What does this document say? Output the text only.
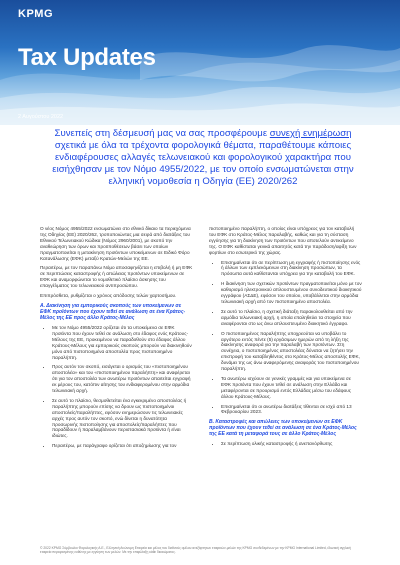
KPMG
Tax Updates
2 Αυγούστου 2022
Συνεπείς στη δέσμευσή μας να σας προσφέρουμε συνεχή ενημέρωση σχετικά με όλα τα τρέχοντα φορολογικά θέματα, παραθέτουμε κάποιες ενδιαφέρουσες αλλαγές τελωνειακού και φορολογικού χαρακτήρα που εισήχθησαν με τον Νόμο 4955/2022, με τον οποίο ενσωματώνεται στην ελληνική νομοθεσία η Οδηγία (ΕΕ) 2020/262

Ο νέος Νόμος 4955/2022 ενσωματώνει στο εθνικό δίκαιο τα περιεχόμενα της Οδηγίας (ΕΕ) 2020/262, τροποποιώντας μια σειρά από διατάξεις του Εθνικού Τελωνειακού Κώδικα (Νόμος 2960/2001), με σκοπό την αναθεώρηση των όρων και προϋποθέσεων βάσει των οποίων πραγματοποιείται η μετακίνηση προϊόντων υποκείμενων σε Ειδικό Φόρο Κατανάλωσης (ΕΦΚ) μεταξύ Κρατών-Μελών της ΕΕ.

Περαιτέρω, με τον παραπάνω Νόμο αποσαφηνίζεται η επιβολή ή μη ΕΦΚ σε περιπτώσεις καταστροφής ή απώλειας προϊόντων υποκείμενων σε ΕΦΚ και αναμορφώνεται το νομοθετικό πλαίσιο άσκησης του επαγγέλματος του τελωνειακού αντιπροσώπου.

Επιπρόσθετα, ρυθμίζεται ο χρόνος απόδοσης τελών χαρτοσήμου.

Α. Διακίνηση για εμπορικούς σκοπούς των υποκείμενων σε ΕΦΚ προϊόντων που έχουν τεθεί σε ανάλωση σε ένα Κράτος-Μέλος της ΕΕ προς άλλο Κράτος-Μέλος
• Με τον Νόμο 4955/2022 ορίζεται ότι τα υποκείμενα σε ΕΦΚ προϊόντα που έχουν τεθεί σε ανάλωση στο έδαφος ενός Κράτους-Μέλους της ΕΕ, προκειμένου να παραδοθούν στο έδαφος άλλου Κράτους-Μέλους για εμπορικούς σκοπούς μπορούν να διακινηθούν μόνο από πιστοποιημένα αποστολέα προς πιστοποιημένο παραλήπτη.
• Προς αυτόν τον σκοπό, εισάγεται ο ορισμός του «πιστοποιημένου αποστολέα» και του «πιστοποιημένου παραλήπτη» και αναφέρεται ότι για τον αποστολέα των ανωτέρω προϊόντων απαιτείται εγγραφή εκ μέρους του, κατόπιν αίτησης του ενδιαφερομένου στην αρμόδια τελωνειακή αρχή.
• Σε αυτό το πλαίσιο, θεσμοθετείται ένα εγκεκριμένο αποστολέας ή παραλήπτης μπορούν επίσης να δρουν ως πιστοποιημένοι αποστολείς/παραλήπτες, εφόσον ενημερώσουν τις τελωνειακές αρχές προς αυτόν τον σκοπό, ενώ δίνεται η δυνατότητα προσωρινής πιστοποίησης για αποστολείς/παραλήπτες που παραδίδουν ή παραλαμβάνουν περιστασιακά προϊόντα ή είναι ιδιώτες.
• Περαιτέρω, με παράγραφο ορίζεται ότι αποζημίωσης για τον

πιστοποιημένο παραλήπτη, ο οποίος είναι υπόχρεος για τον καταβολή του ΕΦΚ στο Κράτος-Μέλος παραλαβής, καθώς και για τη σύσταση εγγύησης για τη διακίνηση των προϊόντων που αποτελούν αντικείμενο της. Ο ΕΦΚ καθίσταται γενικά απαιτητός κατά την παράδοση/αφίξη των φορτίων στο εσωτερικό της χώρας.

• Επισημαίνεται ότι σε περίπτωση μη εγγραφής ή πιστοποίησης ενός ή άλλων των εμπλεκόμενων στη διακίνηση προσώπων, τα πρόσωπα αυτά καθίστανται υπόχρεα για την καταβολή του ΕΦΚ.
• Η διακίνηση των σχετικών προϊόντων πραγματοποιείται μόνο με τον καθορισμό ηλεκτρονικού απλουστευμένου συνοδευτικού διοικητικού εγγράφου (ΑΣΔΕ), εφόσον του οποίου, υποβάλλεται στην αρμόδια τελωνειακή αρχή από τον πιστοποιημένο αποστολέα.
• Σε αυτό το πλαίσιο, η σχετική διάταξη παρακολουθείται από την αρμόδια τελωνειακή αρχή, η οποία επαληθεύει τα στοιχεία που αναφέρονται στο ως άνω απλουστευμένο διοικητικό έγγραφο.
• Ο πιστοποιημένος παραλήπτης υποχρεούται να υποβάλει το αργότερο εντός πέντε (5) εργάσιμων ημερών από τη λήξη της διακίνησης αναφορά για την παραλαβή των προϊόντων. Στη συνέχεια, ο πιστοποιημένος αποστολέας δύναται να ζητήσει την επιστροφή του καταβληθέντος στο Κράτος-Μέλος αποστολής ΕΦΚ, δυνάμει της ως άνω αναφερόμενης αναφοράς του πιστοποιημένου παραλήπτη.
• Τα ανωτέρω ισχύουν σε γενικές γραμμές και για υποκείμενα σε ΕΦΚ προϊόντα που έχουν τεθεί σε ανάλωση στην Ελλάδα και μεταφέρονται σε προορισμό εντός Ελλάδας μέσω του εδάφους άλλου Κράτους-Μέλους.
• Επισημαίνεται ότι οι ανωτέρω διατάξεις τίθενται σε ισχύ από 13 Φεβρουαρίου 2023.
Β. Καταστροφές και απώλειες των υποκείμενων σε ΕΦΚ προϊόντων που έχουν τεθεί σε ανάλωση σε ένα Κράτος-Μέλος της ΕΕ κατά τη μεταφορά τους σε άλλο Κράτος-Μέλος
• Σε περίπτωση ολικής καταστροφής ή ανεπανόρθωτης
© 2022 KPMG Σύμβουλοι Φορολογικής Α.Ε., Ελληνική Ανώνυμη Εταιρεία και μέλος του διεθνούς ομίλου ανεξάρτητων εταιρειών-μελών της KPMG συνδεδεμένων με την KPMG International Limited, ιδιωτική αγγλική εταιρεία περιορισμένης ευθύνης με εγγύηση των μελών. Με την επιφύλαξη κάθε δικαιώματος.
